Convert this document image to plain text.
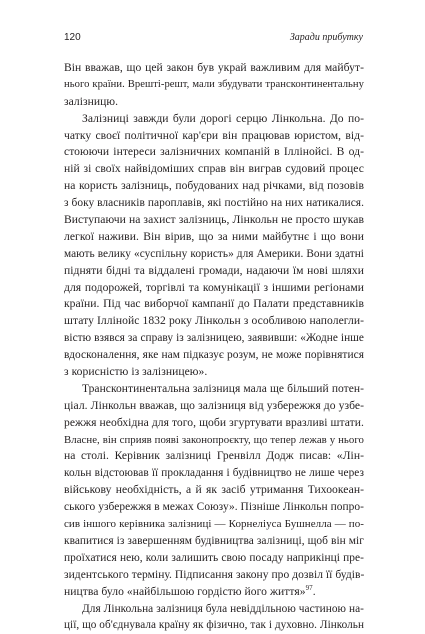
120	Заради прибутку
Він вважав, що цей закон був украй важливим для майбут-
нього країни. Врешті-решт, мали збудувати трансконтинентальну
залізницю.
Залізниці завжди були дорогі серцю Лінкольна. До по-
чатку своєї політичної кар'єри він працював юристом, від-
стоюючи інтереси залізничних компаній в Іллінойсі. В од-
ній зі своїх найвідоміших справ він виграв судовий процес
на користь залізниць, побудованих над річками, від позовів
з боку власників пароплавів, які постійно на них натикалися.
Виступаючи на захист залізниць, Лінкольн не просто шукав
легкої наживи. Він вірив, що за ними майбутнє і що вони
мають велику «суспільну користь» для Америки. Вони здатні
підняти бідні та віддалені громади, надаючи їм нові шляхи
для подорожей, торгівлі та комунікації з іншими регіонами
країни. Під час виборчої кампанії до Палати представників
штату Іллінойс 1832 року Лінкольн з особливою наполегли-
вістю взявся за справу із залізницею, заявивши: «Жодне інше
вдосконалення, яке нам підказує розум, не може порівнятися
з корисністю із залізницею».
Трансконтинентальна залізниця мала ще більший потен-
ціал. Лінкольн вважав, що залізниця від узбережжя до узбе-
режжя необхідна для того, щоби згуртувати вразливі штати.
Власне, він сприяв появі законопроєкту, що тепер лежав у нього
на столі. Керівник залізниці Гренвілл Додж писав: «Лін-
кольн відстоював її прокладання і будівництво не лише через
військову необхідність, а й як засіб утримання Тихоокеан-
ського узбережжя в межах Союзу». Пізніше Лінкольн попро-
сив іншого керівника залізниці — Корнеліуса Бушнелла — по-
квапитися із завершенням будівництва залізниці, щоб він міг
проїхатися нею, коли залишить свою посаду наприкінці пре-
зидентського терміну. Підписання закону про дозвіл її будів-
ництва було «найбільшою гордістю його життя»$^{97}$.
Для Лінкольна залізниця була невіддільною частиною на-
ції, що об'єднувала країну як фізично, так і духовно. Лінкольн
